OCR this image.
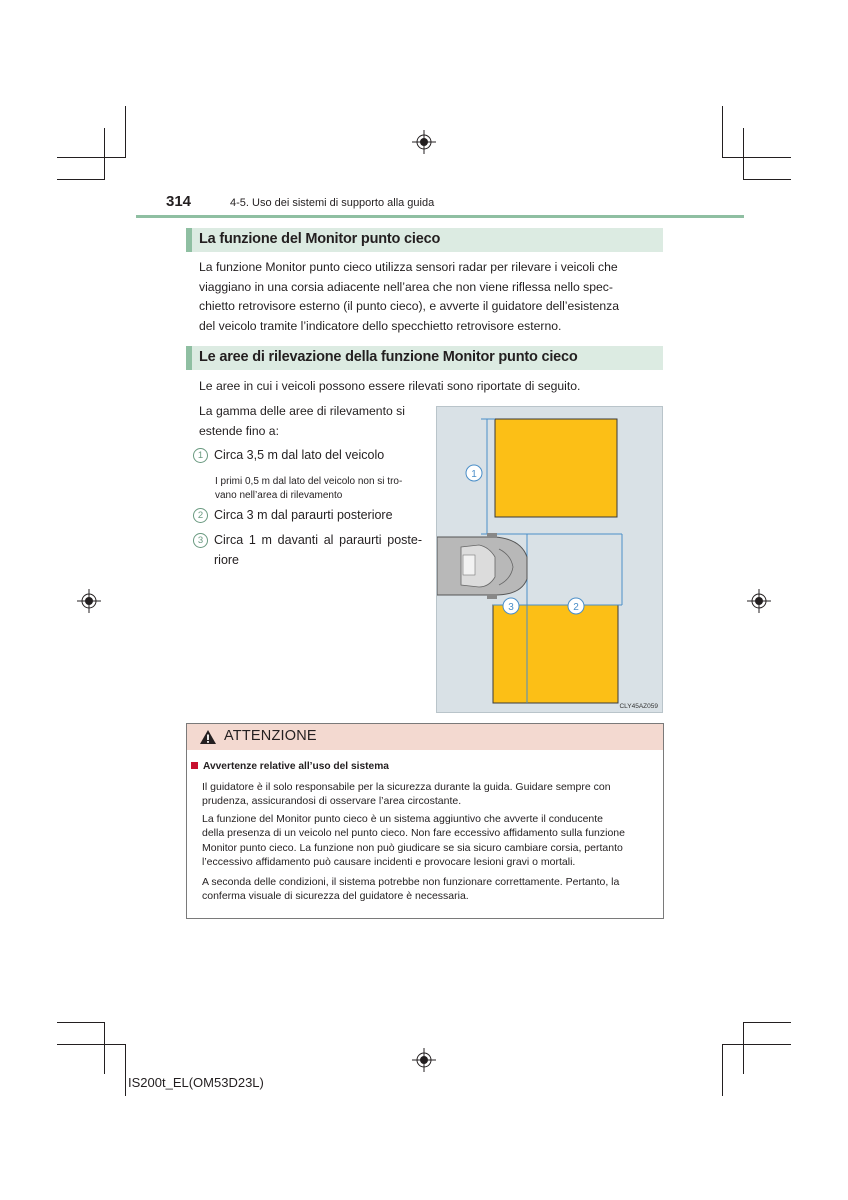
314	4-5. Uso dei sistemi di supporto alla guida
La funzione del Monitor punto cieco
La funzione Monitor punto cieco utilizza sensori radar per rilevare i veicoli che
viaggiano in una corsia adiacente nell’area che non viene riflessa nello spec-
chietto retrovisore esterno (il punto cieco), e avverte il guidatore dell’esistenza
del veicolo tramite l’indicatore dello specchietto retrovisore esterno.
Le aree di rilevazione della funzione Monitor punto cieco
Le aree in cui i veicoli possono essere rilevati sono riportate di seguito.
La gamma delle aree di rilevamento si
estende fino a:
1 Circa 3,5 m dal lato del veicolo
I primi 0,5 m dal lato del veicolo non si tro-
vano nell’area di rilevamento
2 Circa 3 m dal paraurti posteriore
3 Circa 1 m davanti al paraurti poste-
riore
1
3	2
CLY45AZ059
ATTENZIONE
Avvertenze relative all’uso del sistema
Il guidatore è il solo responsabile per la sicurezza durante la guida. Guidare sempre con
prudenza, assicurandosi di osservare l’area circostante.
La funzione del Monitor punto cieco è un sistema aggiuntivo che avverte il conducente
della presenza di un veicolo nel punto cieco. Non fare eccessivo affidamento sulla funzione
Monitor punto cieco. La funzione non può giudicare se sia sicuro cambiare corsia, pertanto
l’eccessivo affidamento può causare incidenti e provocare lesioni gravi o mortali.
A seconda delle condizioni, il sistema potrebbe non funzionare correttamente. Pertanto, la
conferma visuale di sicurezza del guidatore è necessaria.
IS200t_EL(OM53D23L)
